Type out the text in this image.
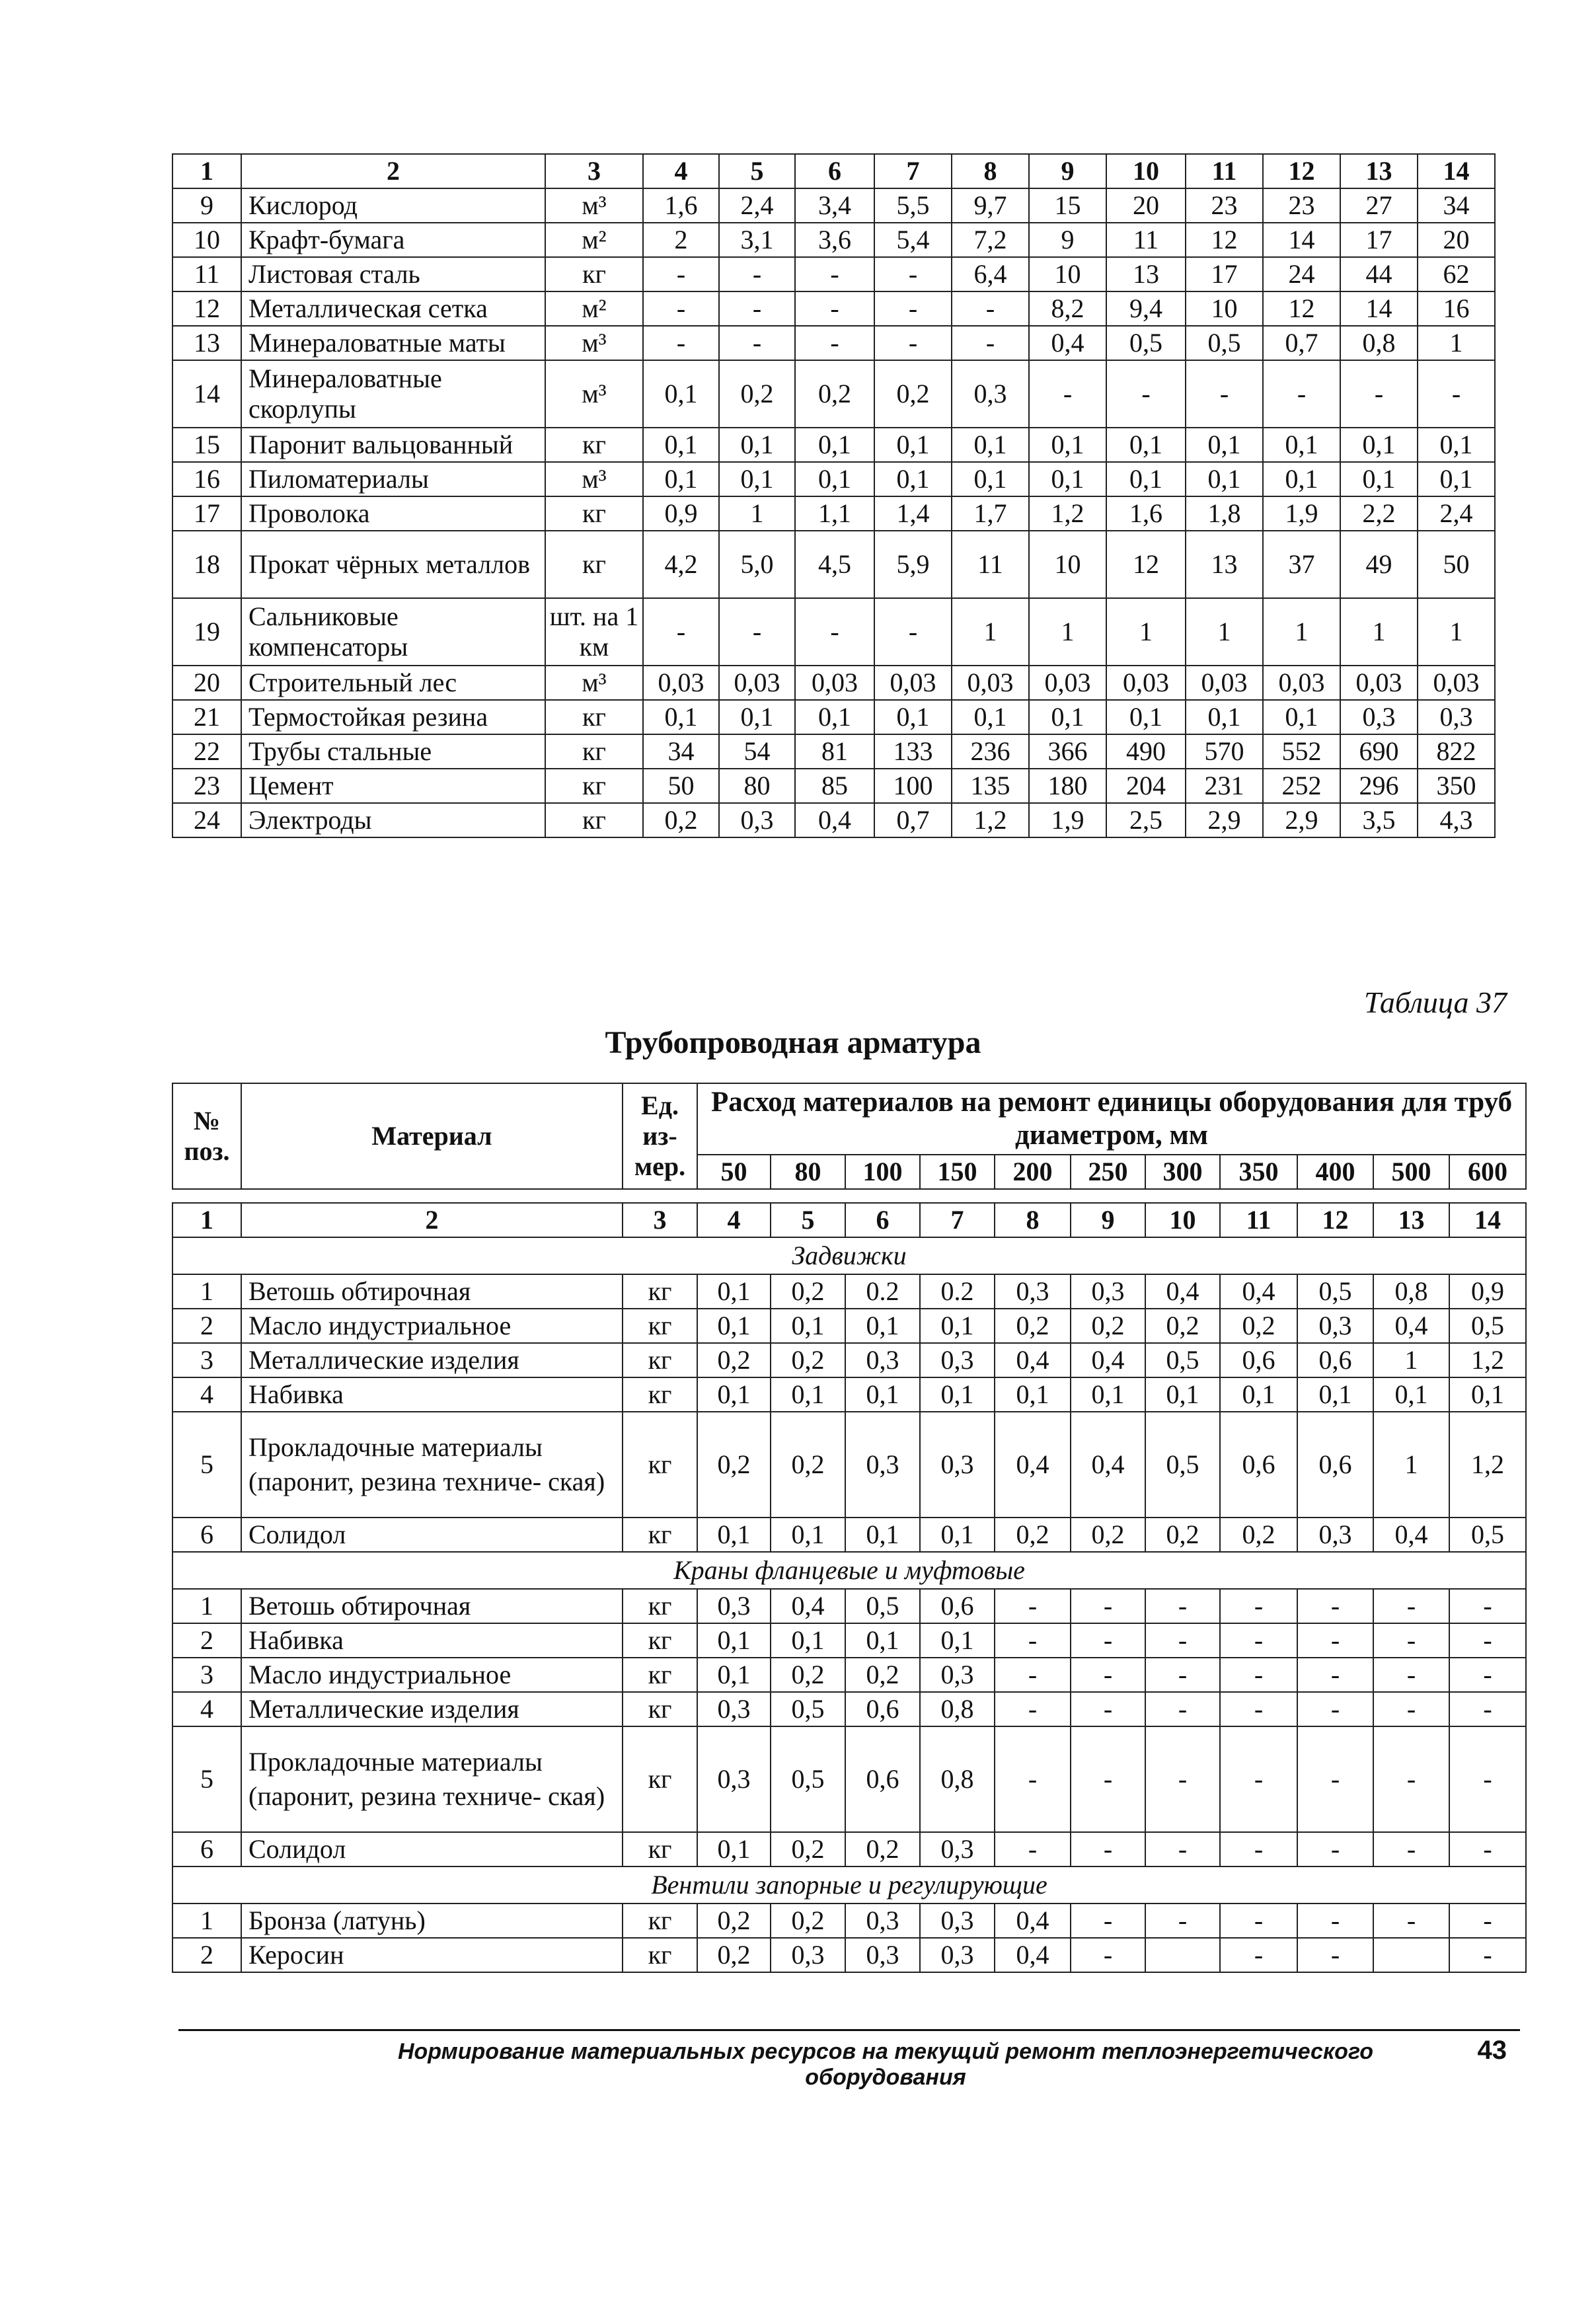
1	2	3	4	5	6	7	8	9	10	11	12	13	14
9	Кислород	м³	1,6	2,4	3,4	5,5	9,7	15	20	23	23	27	34
10	Крафт-бумага	м²	2	3,1	3,6	5,4	7,2	9	11	12	14	17	20
11	Листовая сталь	кг	-	-	-	-	6,4	10	13	17	24	44	62
12	Металлическая сетка	м²	-	-	-	-	-	8,2	9,4	10	12	14	16
13	Минераловатные маты	м³	-	-	-	-	-	0,4	0,5	0,5	0,7	0,8	1
14	Минераловатные скорлупы	м³	0,1	0,2	0,2	0,2	0,3	-	-	-	-	-	-
15	Паронит вальцованный	кг	0,1	0,1	0,1	0,1	0,1	0,1	0,1	0,1	0,1	0,1	0,1
16	Пиломатериалы	м³	0,1	0,1	0,1	0,1	0,1	0,1	0,1	0,1	0,1	0,1	0,1
17	Проволока	кг	0,9	1	1,1	1,4	1,7	1,2	1,6	1,8	1,9	2,2	2,4
18	Прокат чёрных металлов	кг	4,2	5,0	4,5	5,9	11	10	12	13	37	49	50
19	Сальниковые компенсаторы	шт. на 1 км	-	-	-	-	1	1	1	1	1	1	1
20	Строительный лес	м³	0,03	0,03	0,03	0,03	0,03	0,03	0,03	0,03	0,03	0,03	0,03
21	Термостойкая резина	кг	0,1	0,1	0,1	0,1	0,1	0,1	0,1	0,1	0,1	0,3	0,3
22	Трубы стальные	кг	34	54	81	133	236	366	490	570	552	690	822
23	Цемент	кг	50	80	85	100	135	180	204	231	252	296	350
24	Электроды	кг	0,2	0,3	0,4	0,7	1,2	1,9	2,5	2,9	2,9	3,5	4,3
Таблица 37
Трубопроводная арматура
№ поз.	Материал	Ед. из- мер.	Расход материалов на ремонт единицы оборудования для труб диаметром, мм										
			50	80	100	150	200	250	300	350	400	500	600
1	2	3	4	5	6	7	8	9	10	11	12	13	14
Задвижки													
1	Ветошь обтирочная	кг	0,1	0,2	0.2	0.2	0,3	0,3	0,4	0,4	0,5	0,8	0,9
2	Масло индустриальное	кг	0,1	0,1	0,1	0,1	0,2	0,2	0,2	0,2	0,3	0,4	0,5
3	Металлические изделия	кг	0,2	0,2	0,3	0,3	0,4	0,4	0,5	0,6	0,6	1	1,2
4	Набивка	кг	0,1	0,1	0,1	0,1	0,1	0,1	0,1	0,1	0,1	0,1	0,1
5	Прокладочные материалы (паронит, резина техниче- ская)	кг	0,2	0,2	0,3	0,3	0,4	0,4	0,5	0,6	0,6	1	1,2
6	Солидол	кг	0,1	0,1	0,1	0,1	0,2	0,2	0,2	0,2	0,3	0,4	0,5
Краны фланцевые и муфтовые													
1	Ветошь обтирочная	кг	0,3	0,4	0,5	0,6	-	-	-	-	-	-	-
2	Набивка	кг	0,1	0,1	0,1	0,1	-	-	-	-	-	-	-
3	Масло индустриальное	кг	0,1	0,2	0,2	0,3	-	-	-	-	-	-	-
4	Металлические изделия	кг	0,3	0,5	0,6	0,8	-	-	-	-	-	-	-
5	Прокладочные материалы (паронит, резина техниче- ская)	кг	0,3	0,5	0,6	0,8	-	-	-	-	-	-	-
6	Солидол	кг	0,1	0,2	0,2	0,3	-	-	-	-	-	-	-
Вентили запорные и регулирующие													
1	Бронза (латунь)	кг	0,2	0,2	0,3	0,3	0,4	-	-	-	-	-	-
2	Керосин	кг	0,2	0,3	0,3	0,3	0,4	-		-	-		-
Нормирование материальных ресурсов на текущий ремонт теплоэнергетического оборудования
43
